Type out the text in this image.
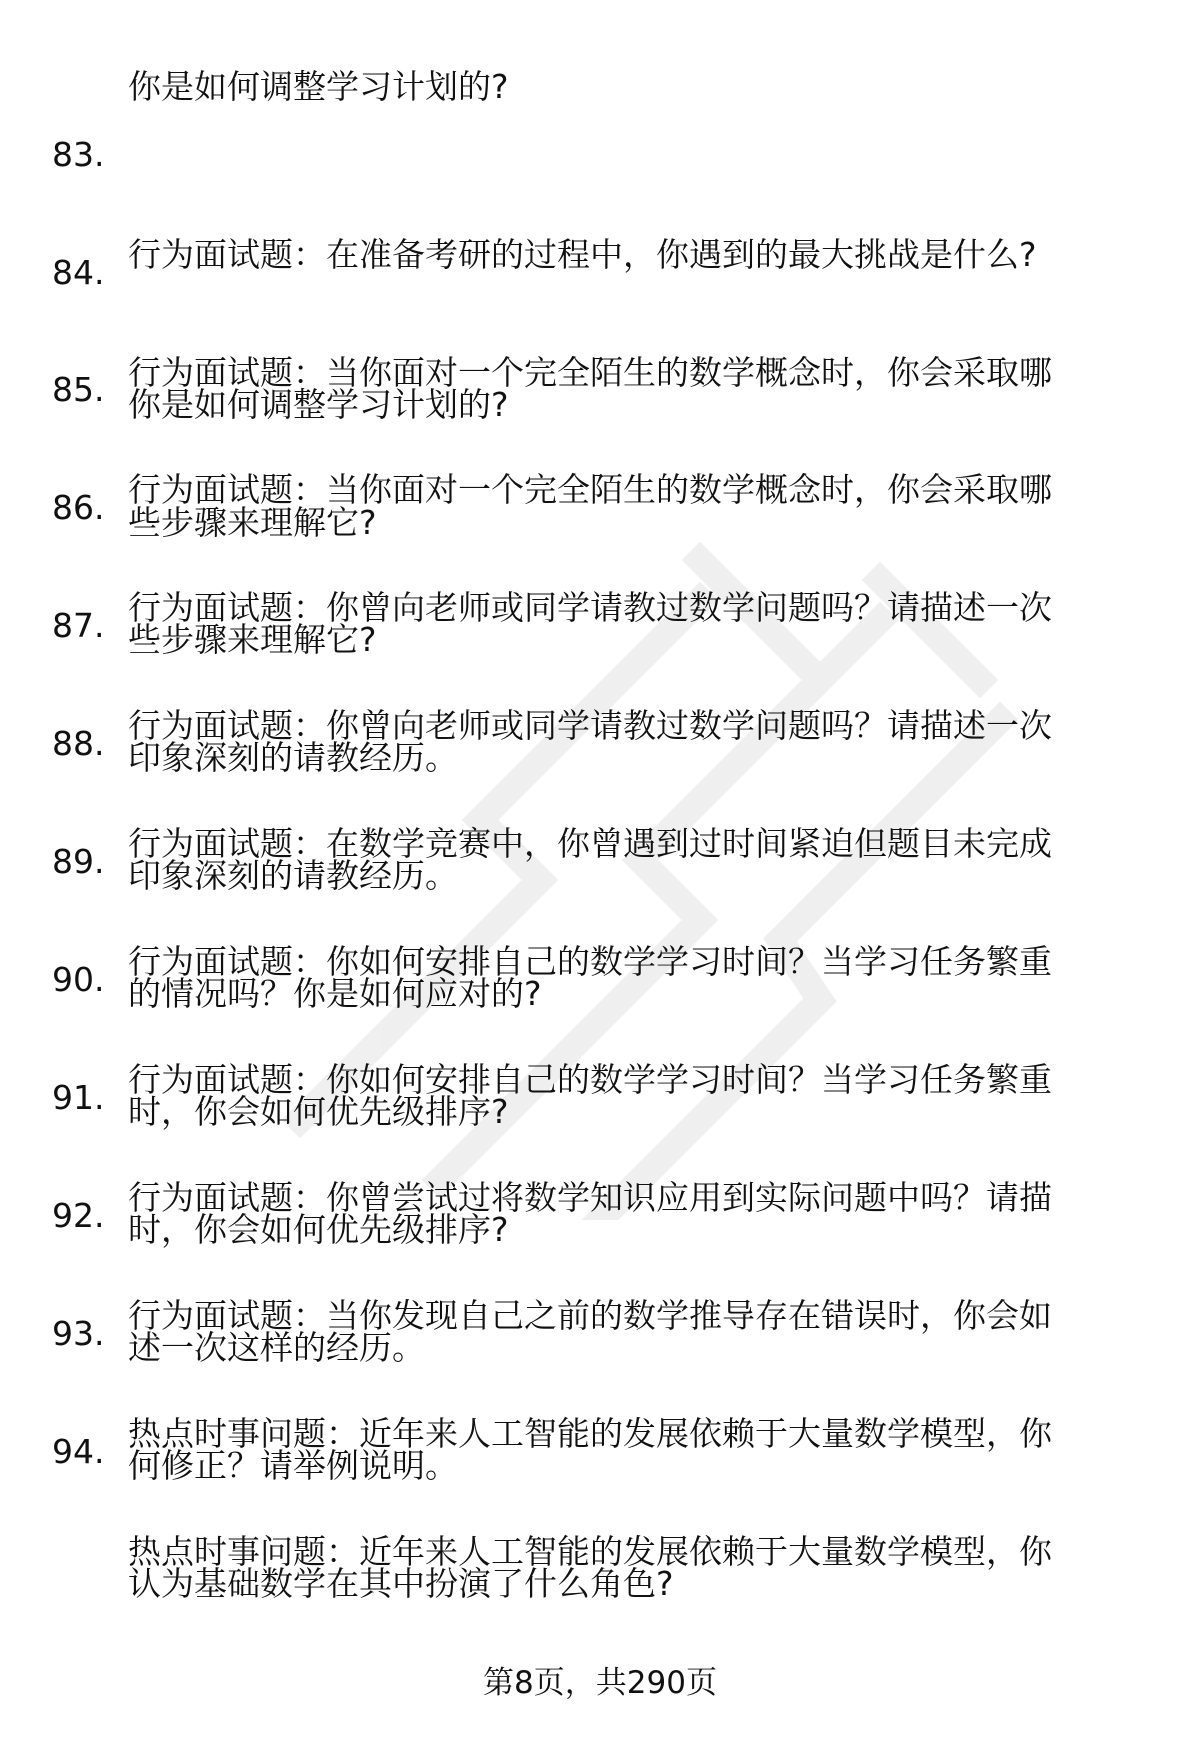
你是如何调整学习计划的?

83.

行为面试题：在准备考研的过程中，你遇到的最大挑战是什么?

你是如何调整学习计划的?

84.

行为面试题：当你面对一个完全陌生的数学概念时，你会采取哪

些步骤来理解它?

85.

行为面试题：当你面对一个完全陌生的数学概念时，你会采取哪

些步骤来理解它?

86.

行为面试题：你曾向老师或同学请教过数学问题吗？请描述一次

印象深刻的请教经历。

87.

行为面试题：你曾向老师或同学请教过数学问题吗？请描述一次

印象深刻的请教经历。

88.

行为面试题：在数学竞赛中，你曾遇到过时间紧迫但题目未完成

的情况吗？你是如何应对的?

89.

行为面试题：你如何安排自己的数学学习时间？当学习任务繁重

时，你会如何优先级排序?

90.

行为面试题：你如何安排自己的数学学习时间？当学习任务繁重

时，你会如何优先级排序?

91.

行为面试题：你曾尝试过将数学知识应用到实际问题中吗？请描

述一次这样的经历。

92.

行为面试题：当你发现自己之前的数学推导存在错误时，你会如

何修正？请举例说明。

93.

热点时事问题：近年来人工智能的发展依赖于大量数学模型，你

认为基础数学在其中扮演了什么角色?

94.

热点时事问题：近年来人工智能的发展依赖于大量数学模型，你

第8页，共290页
